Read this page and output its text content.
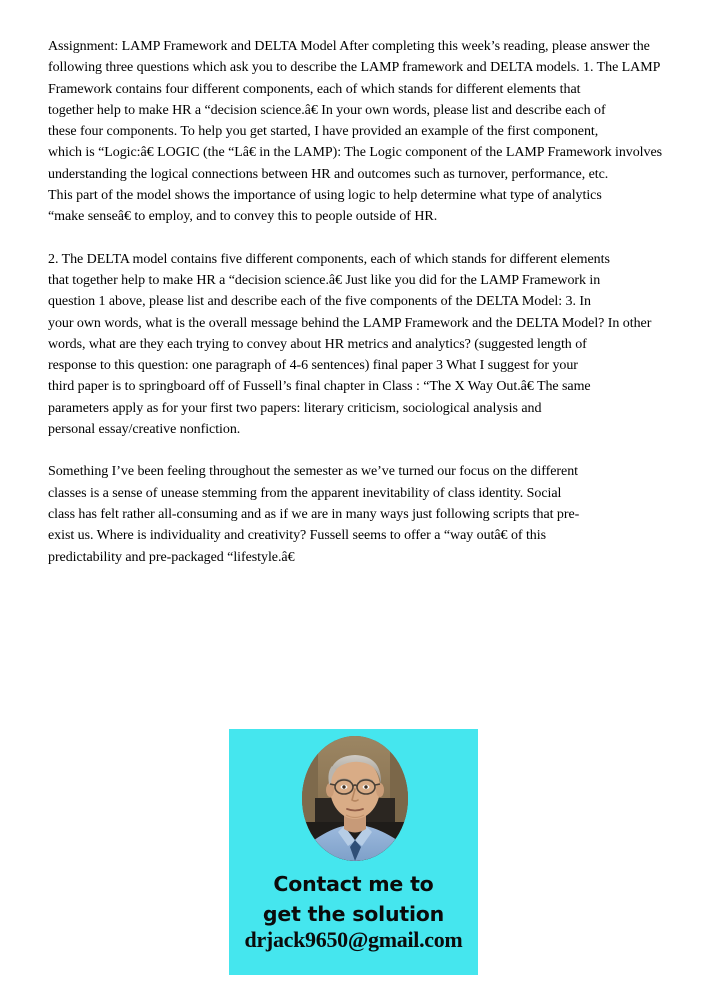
Assignment: LAMP Framework and DELTA Model After completing this week’s reading, please answer the
following three questions which ask you to describe the LAMP framework and DELTA models. 1. The LAMP
Framework contains four different components, each of which stands for different elements that
together help to make HR a “decision science.â€ In your own words, please list and describe each of
these four components. To help you get started, I have provided an example of the first component,
which is “Logic:â€ LOGIC (the “Lâ€ in the LAMP): The Logic component of the LAMP Framework involves
understanding the logical connections between HR and outcomes such as turnover, performance, etc.
This part of the model shows the importance of using logic to help determine what type of analytics
“make senseâ€ to employ, and to convey this to people outside of HR.
2. The DELTA model contains five different components, each of which stands for different elements
that together help to make HR a “decision science.â€ Just like you did for the LAMP Framework in
question 1 above, please list and describe each of the five components of the DELTA Model: 3. In
your own words, what is the overall message behind the LAMP Framework and the DELTA Model? In other
words, what are they each trying to convey about HR metrics and analytics? (suggested length of
response to this question: one paragraph of 4-6 sentences) final paper 3 What I suggest for your
third paper is to springboard off of Fussell’s final chapter in Class : “The X Way Out.â€ The same
parameters apply as for your first two papers: literary criticism, sociological analysis and
personal essay/creative nonfiction.
Something I’ve been feeling throughout the semester as we’ve turned our focus on the different
classes is a sense of unease stemming from the apparent inevitability of class identity. Social
class has felt rather all-consuming and as if we are in many ways just following scripts that pre-
exist us. Where is individuality and creativity? Fussell seems to offer a “way outâ€ of this
predictability and pre-packaged “lifestyle.â€
Contact me to
get the solution
drjack9650@gmail.com
